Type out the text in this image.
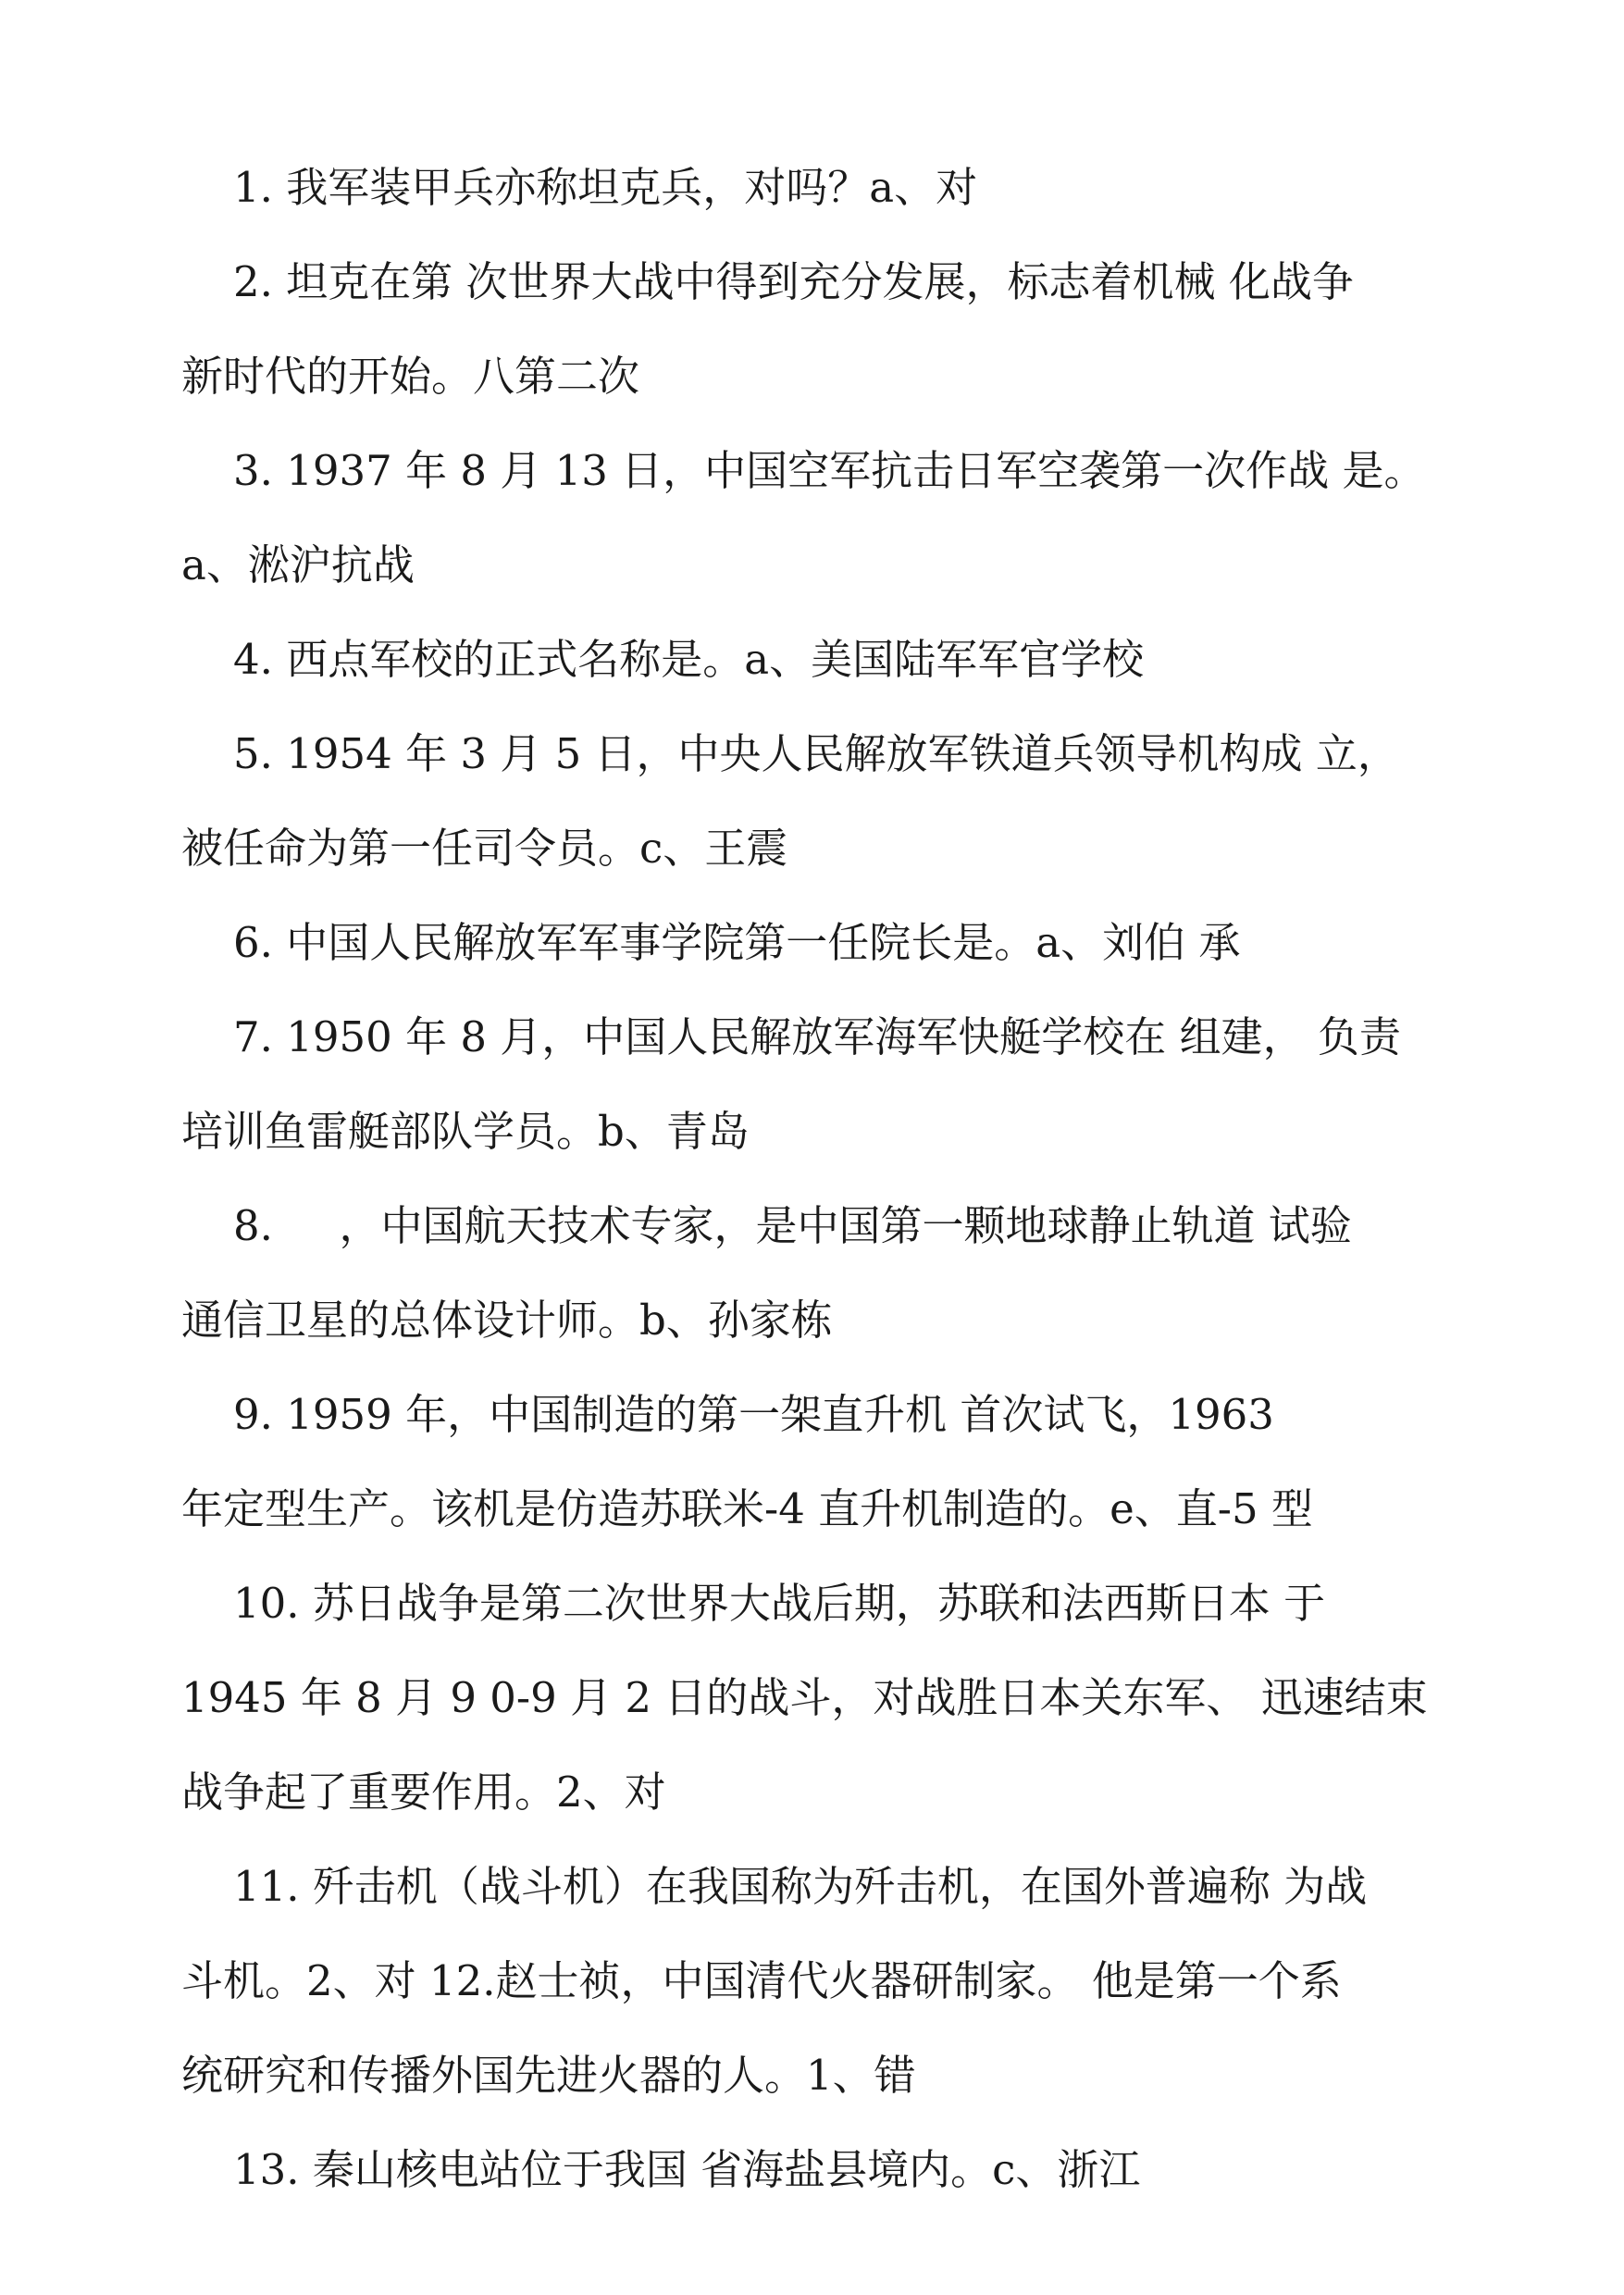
1. 我军装甲兵亦称坦克兵，对吗？a、对
2. 坦克在第 次世界大战中得到充分发展，标志着机械 化战争
新时代的开始。八第二次
3. 1937 年 8 月 13 日，中国空军抗击日军空袭第一次作战 是。
a、淞沪抗战
4. 西点军校的正式名称是。a、美国陆军军官学校
5. 1954 年 3 月 5 日，中央人民解放军铁道兵领导机构成 立，
被任命为第一任司令员。c、王震
6. 中国人民解放军军事学院第一任院长是。a、刘伯 承
7. 1950 年 8 月，中国人民解放军海军快艇学校在 组建， 负责
培训鱼雷艇部队学员。b、青岛
8.     ，中国航天技术专家，是中国第一颗地球静止轨道 试验
通信卫星的总体设计师。b、孙家栋
9. 1959 年，中国制造的第一架直升机 首次试飞，1963
年定型生产。该机是仿造苏联米-4 直升机制造的。e、直-5 型
10. 苏日战争是第二次世界大战后期，苏联和法西斯日本 于
1945 年 8 月 9 0-9 月 2 日的战斗，对战胜日本关东军、 迅速结束
战争起了重要作用。2、对
11. 歼击机（战斗机）在我国称为歼击机，在国外普遍称 为战
斗机。2、对 12.赵士祯，中国清代火器研制家。 他是第一个系
统研究和传播外国先进火器的人。1、错
13. 秦山核电站位于我国 省海盐县境内。c、浙江
